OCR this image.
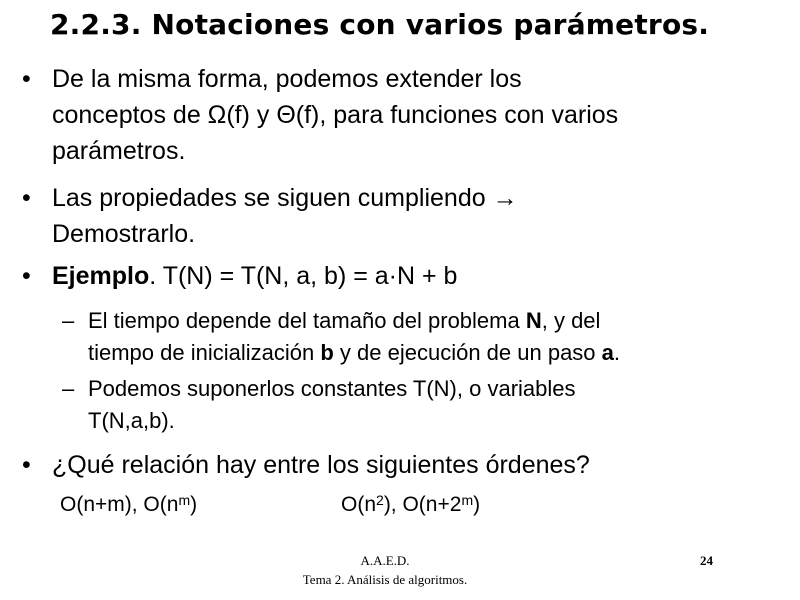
2.2.3. Notaciones con varios parámetros.
• De la misma forma, podemos extender los
conceptos de Ω(f) y Θ(f), para funciones con varios
parámetros.
• Las propiedades se siguen cumpliendo →
Demostrarlo.
• Ejemplo. T(N) = T(N, a, b) = a·N + b
– El tiempo depende del tamaño del problema N, y del
tiempo de inicialización b y de ejecución de un paso a.
– Podemos suponerlos constantes T(N), o variables
T(N,a,b).
• ¿Qué relación hay entre los siguientes órdenes?
O(n+m), $O(n^m)$	$O(n^2)$, $O(n+2^m)$
A.A.E.D.
Tema 2. Análisis de algoritmos.
24
